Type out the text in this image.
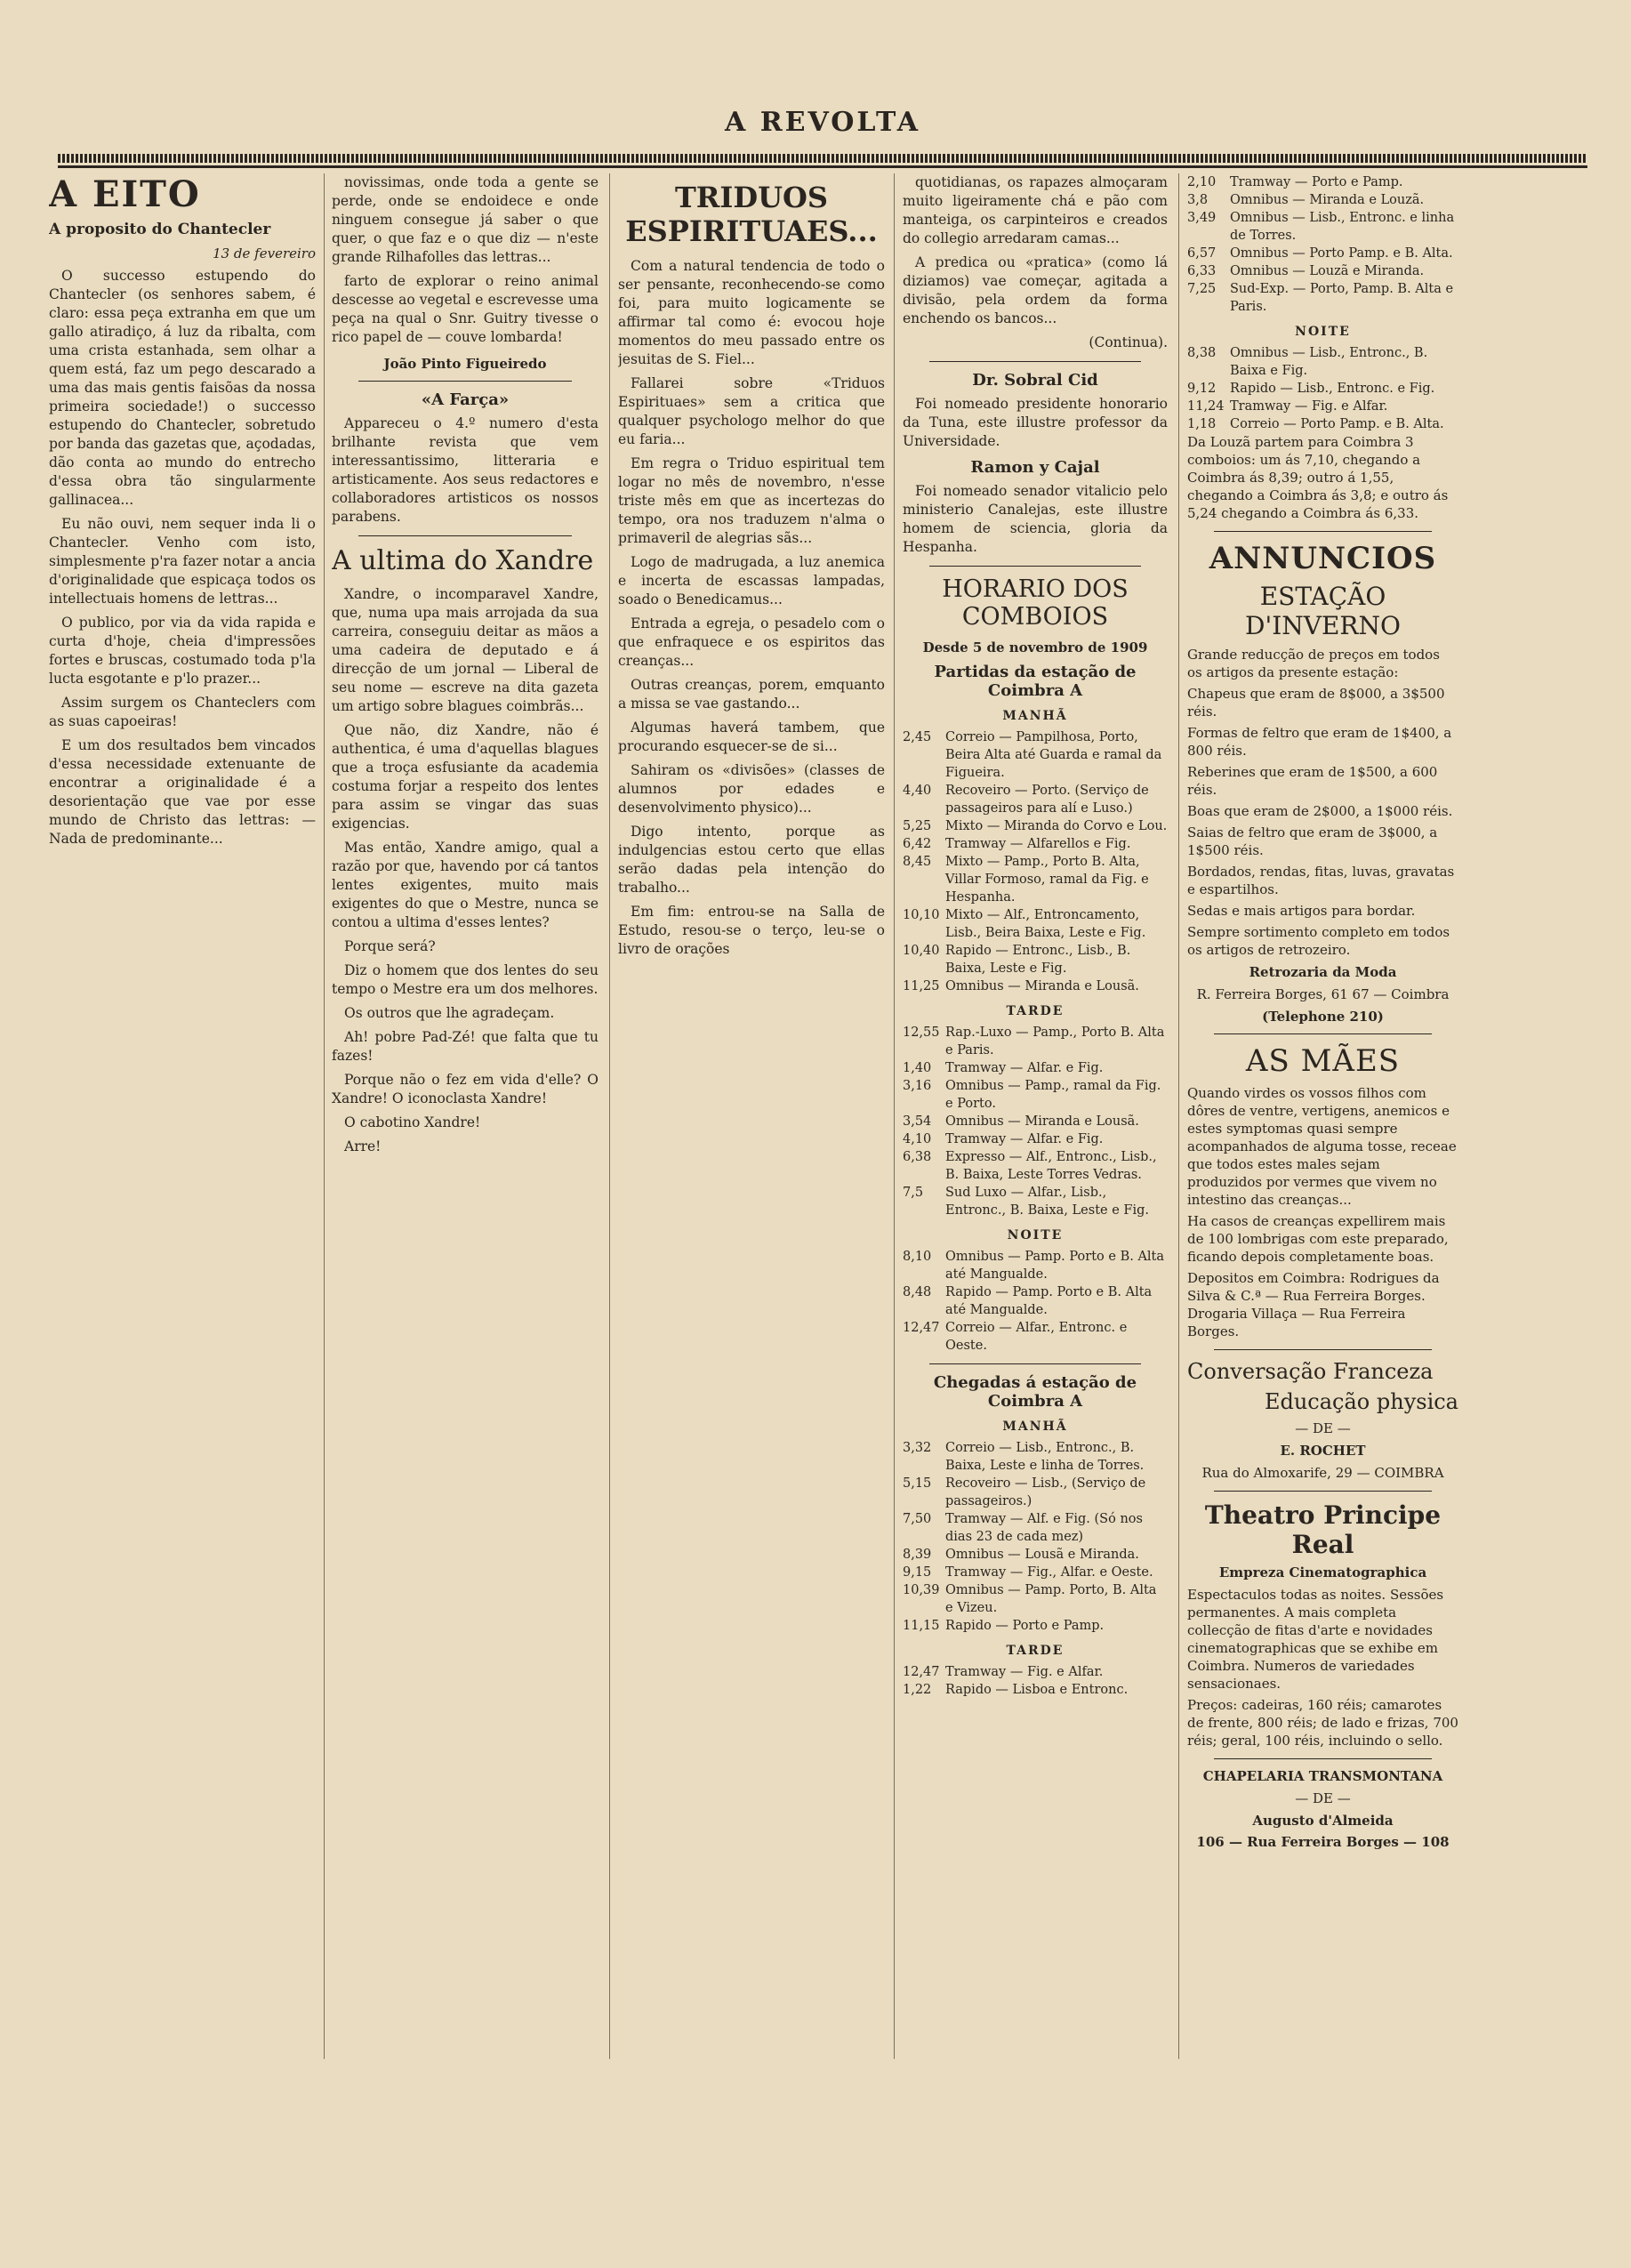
A REVOLTA
A EITO
A proposito do Chantecler
13 de fevereiro

O successo estupendo do Chantecler (os senhores sabem, é claro: essa peça extranha em que um gallo atiradiço, á luz da ribalta, com uma crista estanhada, sem olhar a quem está, faz um pego descarado a uma das mais gentis faisõas da nossa primeira sociedade!) o successo estupendo do Chantecler, sobretudo por banda das gazetas que, açodadas, dão conta ao mundo do entrecho d'essa obra tão singularmente gallinacea...

Eu não ouvi, nem sequer inda li o Chantecler. Venho com isto, simplesmente p'ra fazer notar a ancia d'originalidade que espicaça todos os intellectuais homens de lettras...

O publico, por via da vida rapida e curta d'hoje, cheia d'impressões fortes e bruscas, costumado toda p'la lucta esgotante e p'lo prazer...

Assim surgem os Chanteclers com as suas capoeiras!

E um dos resultados bem vincados d'essa necessidade extenuante de encontrar a originalidade é a desorientação que vae por esse mundo de Christo das lettras: — Nada de predominante...

novissimas, onde toda a gente se perde, onde se endoidece e onde ninguem consegue já saber o que quer, o que faz e o que diz — n'este grande Rilhafolles das lettras...

farto de explorar o reino animal descesse ao vegetal e escrevesse uma peça na qual o Snr. Guitry tivesse o rico papel de — couve lombarda!

João Pinto Figueiredo
«A Farça»

Appareceu o 4.º numero d'esta brilhante revista que vem interessantissimo, litteraria e artisticamente. Aos seus redactores e collaboradores artisticos os nossos parabens.

A ultima do Xandre

Xandre, o incomparavel Xandre, que, numa upa mais arrojada da sua carreira, conseguiu deitar as mãos a uma cadeira de deputado e á direcção de um jornal — Liberal de seu nome — escreve na dita gazeta um artigo sobre blagues coimbrãs...

Que não, diz Xandre, não é authentica, é uma d'aquellas blagues que a troça esfusiante da academia costuma forjar a respeito dos lentes para assim se vingar das suas exigencias.

Mas então, Xandre amigo, qual a razão por que, havendo por cá tantos lentes exigentes, muito mais exigentes do que o Mestre, nunca se contou a ultima d'esses lentes?

Porque será?

Diz o homem que dos lentes do seu tempo o Mestre era um dos melhores.

Os outros que lhe agradeçam.

Ah! pobre Pad-Zé! que falta que tu fazes!

Porque não o fez em vida d'elle? O Xandre! O iconoclasta Xandre!

O cabotino Xandre!

Arre!

TRIDUOS ESPIRITUAES...

Com a natural tendencia de todo o ser pensante, reconhecendo-se como foi, para muito logicamente se affirmar tal como é: evocou hoje momentos do meu passado entre os jesuitas de S. Fiel...

Fallarei sobre «Triduos Espirituaes» sem a critica que qualquer psychologo melhor do que eu faria...

Em regra o Triduo espiritual tem logar no mês de novembro, n'esse triste mês em que as incertezas do tempo, ora nos traduzem n'alma o primaveril de alegrias sãs...

Logo de madrugada, a luz anemica e incerta de escassas lampadas, soado o Benedicamus...

Entrada a egreja, o pesadelo com o que enfraquece e os espiritos das creanças...

Outras creanças, porem, emquanto a missa se vae gastando...

Algumas haverá tambem, que procurando esquecer-se de si...

Sahiram os «divisões» (classes de alumnos por edades e desenvolvimento physico)...

Digo intento, porque as indulgencias estou certo que ellas serão dadas pela intenção do trabalho...

Em fim: entrou-se na Salla de Estudo, resou-se o terço, leu-se o livro de orações

quotidianas, os rapazes almoçaram muito ligeiramente chá e pão com manteiga, os carpinteiros e creados do collegio arredaram camas...

A predica ou «pratica» (como lá diziamos) vae começar, agitada a divisão, pela ordem da forma enchendo os bancos...

(Continua).

Dr. Sobral Cid

Foi nomeado presidente honorario da Tuna, este illustre professor da Universidade.

Ramon y Cajal

Foi nomeado senador vitalicio pelo ministerio Canalejas, este illustre homem de sciencia, gloria da Hespanha.

HORARIO DOS COMBOIOS
Desde 5 de novembro de 1909
Partidas da estação de Coimbra A
MANHÃ
2,45	Correio — Pampilhosa, Porto, Beira Alta até Guarda e ramal da Figueira.
4,40	Recoveiro — Porto. (Serviço de passageiros para alí e Luso.)
5,25	Mixto — Miranda do Corvo e Lou.
6,42	Tramway — Alfarellos e Fig.
8,45	Mixto — Pamp., Porto B. Alta, Villar Formoso, ramal da Fig. e Hespanha.
10,10 Mixto — Alf., Entroncamento, Lisb., Beira Baixa, Leste e Fig.
10,40 Rapido — Entronc., Lisb., B. Baixa, Leste e Fig.
11,25 Omnibus — Miranda e Lousã.
TARDE
12,55 Rap.-Luxo — Pamp., Porto B. Alta e Paris.
1,40	Tramway — Alfar. e Fig.
3,16	Omnibus — Pamp., ramal da Fig. e Porto.
3,54	Omnibus — Miranda e Lousã.
4,10	Tramway — Alfar. e Fig.
6,38	Expresso — Alf., Entronc., Lisb., B. Baixa, Leste Torres Vedras.
7,5	Sud Luxo — Alfar., Lisb., Entronc., B. Baixa, Leste e Fig.
NOITE
8,10	Omnibus — Pamp. Porto e B. Alta até Mangualde.
8,48	Rapido — Pamp. Porto e B. Alta até Mangualde.
12,47 Correio — Alfar., Entronc. e Oeste.
Chegadas á estação de Coimbra A
MANHÃ
3,32	Correio — Lisb., Entronc., B. Baixa, Leste e linha de Torres.
5,15	Recoveiro — Lisb., (Serviço de passageiros.)
7,50	Tramway — Alf. e Fig. (Só nos dias 23 de cada mez)
8,39	Omnibus — Lousã e Miranda.
9,15	Tramway — Fig., Alfar. e Oeste.
10,39 Omnibus — Pamp. Porto, B. Alta e Vizeu.
11,15 Rapido — Porto e Pamp.
TARDE
12,47 Tramway — Fig. e Alfar.
1,22	Rapido — Lisboa e Entronc.
2,10	Tramway — Porto e Pamp.
3,8	Omnibus — Miranda e Louzã.
3,49	Omnibus — Lisb., Entronc. e linha de Torres.
6,57	Omnibus — Porto Pamp. e B. Alta.
6,33	Omnibus — Louzã e Miranda.
7,25	Sud-Exp. — Porto, Pamp. B. Alta e Paris.
NOITE
8,38	Omnibus — Lisb., Entronc., B. Baixa e Fig.
9,12	Rapido — Lisb., Entronc. e Fig.
11,24 Tramway — Fig. e Alfar.
1,18	Correio — Porto Pamp. e B. Alta.

Da Louzã partem para Coimbra 3 comboios: um ás 7,10, chegando a Coimbra ás 8,39; outro á 1,55, chegando a Coimbra ás 3,8; e outro ás 5,24 chegando a Coimbra ás 6,33.

ANNUNCIOS
ESTAÇÃO D'INVERNO

Grande reducção de preços em todos os artigos da presente estação:

Chapeus que eram de 8$000, a 3$500 réis.

Formas de feltro que eram de 1$400, a 800 réis.

Reberines que eram de 1$500, a 600 réis.

Boas que eram de 2$000, a 1$000 réis.

Saias de feltro que eram de 3$000, a 1$500 réis.

Bordados, rendas, fitas, luvas, gravatas e espartilhos.

Sedas e mais artigos para bordar.

Sempre sortimento completo em todos os artigos de retrozeiro.

Retrozaria da Moda
R. Ferreira Borges, 61 67 — Coimbra
(Telephone 210)
AS MÃES

Quando virdes os vossos filhos com dôres de ventre, vertigens, anemicos e estes symptomas quasi sempre acompanhados de alguma tosse, receae que todos estes males sejam produzidos por vermes que vivem no intestino das creanças...

Ha casos de creanças expellirem mais de 100 lombrigas com este preparado, ficando depois completamente boas.

Depositos em Coimbra: Rodrigues da Silva & C.ª — Rua Ferreira Borges. Drogaria Villaça — Rua Ferreira Borges.

Conversação Franceza
Educação physica
— DE —
E. ROCHET
Rua do Almoxarife, 29 — COIMBRA
Theatro Principe Real
Empreza Cinematographica

Espectaculos todas as noites. Sessões permanentes. A mais completa collecção de fitas d'arte e novidades cinematographicas que se exhibe em Coimbra. Numeros de variedades sensacionaes.

Preços: cadeiras, 160 réis; camarotes de frente, 800 réis; de lado e frizas, 700 réis; geral, 100 réis, incluindo o sello.

CHAPELARIA TRANSMONTANA
— DE —
Augusto d'Almeida
106 — Rua Ferreira Borges — 108
